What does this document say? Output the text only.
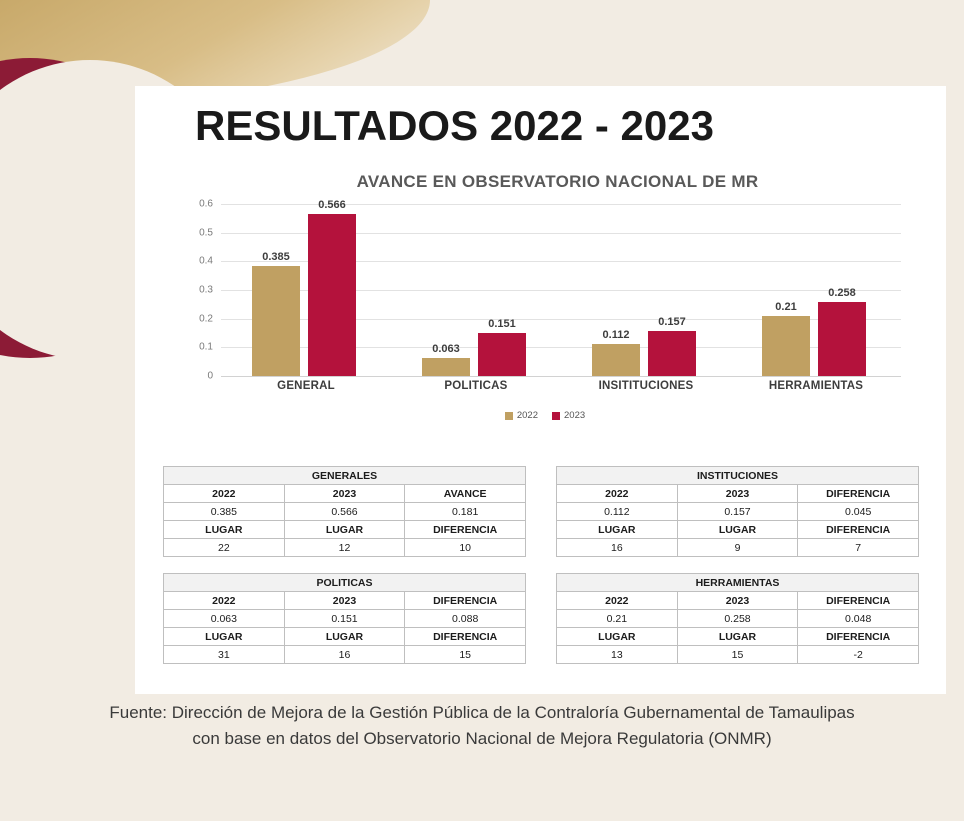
RESULTADOS 2022 - 2023
AVANCE EN OBSERVATORIO NACIONAL DE MR
0
0.1
0.2
0.3
0.4
0.5
0.6
0.385
0.566
GENERAL
0.063
0.151
POLITICAS
0.112
0.157
INSITITUCIONES
0.21
0.258
HERRAMIENTAS
2022	2023
GENERALES		
2022	2023	AVANCE
0.385	0.566	0.181
LUGAR	LUGAR	DIFERENCIA
22	12	10
POLITICAS		
2022	2023	DIFERENCIA
0.063	0.151	0.088
LUGAR	LUGAR	DIFERENCIA
31	16	15
INSTITUCIONES		
2022	2023	DIFERENCIA
0.112	0.157	0.045
LUGAR	LUGAR	DIFERENCIA
16	9	7
HERRAMIENTAS		
2022	2023	DIFERENCIA
0.21	0.258	0.048
LUGAR	LUGAR	DIFERENCIA
13	15	-2
Fuente: Dirección de Mejora de la Gestión Pública de la Contraloría Gubernamental de Tamaulipas
con base en datos del Observatorio Nacional de Mejora Regulatoria (ONMR)
